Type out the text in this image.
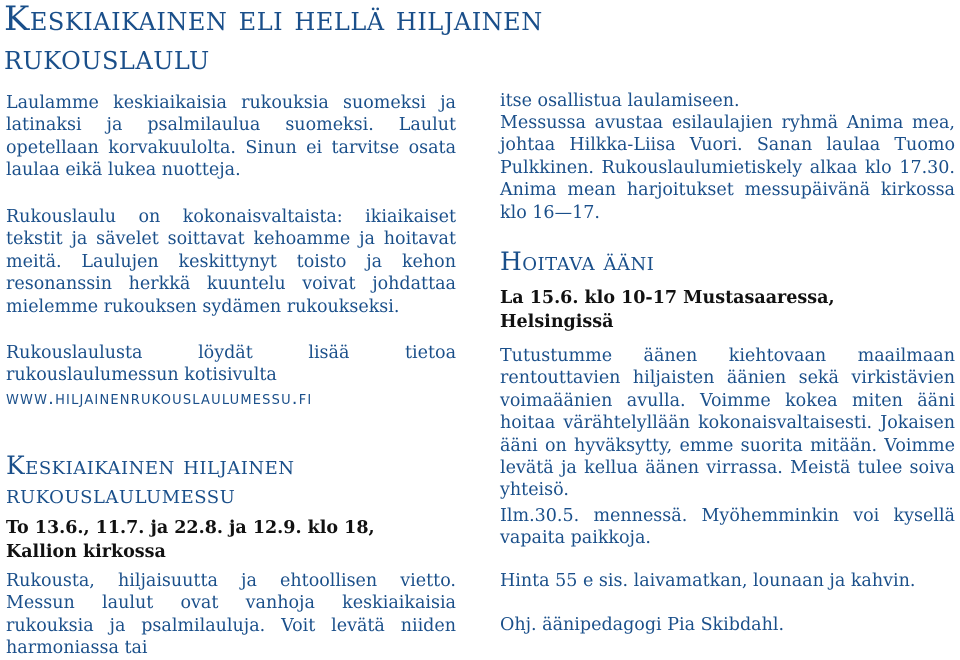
Keskiaikainen eli hellä hiljainen rukouslaulu

Laulamme keskiaikaisia rukouksia suomeksi ja latinaksi ja psalmilaulua suomeksi. Laulut opetellaan korvakuulolta. Sinun ei tarvitse osata laulaa eikä lukea nuotteja.

Rukouslaulu on kokonaisvaltaista: ikiaikaiset tekstit ja sävelet soittavat kehoamme ja hoitavat meitä. Laulujen keskittynyt toisto ja kehon resonanssin herkkä kuuntelu voivat johdattaa mielemme rukouksen sydämen rukoukseksi.

Rukouslaulusta löydät lisää tietoa rukouslaulumessun kotisivulta

www.hiljainenrukouslaulumessu.fi

Keskiaikainen hiljainen rukouslaulumessu

To 13.6., 11.7. ja 22.8. ja 12.9. klo 18, Kallion kirkossa

Rukousta, hiljaisuutta ja ehtoollisen vietto. Messun laulut ovat vanhoja keskiaikaisia rukouksia ja psalmilauluja. Voit levätä niiden harmoniassa tai

itse osallistua laulamiseen.

Messussa avustaa esilaulajien ryhmä Anima mea, johtaa Hilkka-Liisa Vuori. Sanan laulaa Tuomo Pulkkinen. Rukouslaulumietiskely alkaa klo 17.30. Anima mean harjoitukset messupäivänä kirkossa klo 16—17.

Hoitava ääni

La 15.6. klo 10-17 Mustasaaressa, Helsingissä

Tutustumme äänen kiehtovaan maailmaan rentouttavien hiljaisten äänien sekä virkistävien voimaäänien avulla. Voimme kokea miten ääni hoitaa värähtelyllään kokonaisvaltaisesti. Jokaisen ääni on hyväksytty, emme suorita mitään. Voimme levätä ja kellua äänen virrassa. Meistä tulee soiva yhteisö.

Ilm.30.5. mennessä. Myöhemminkin voi kysellä vapaita paikkoja.

Hinta 55 e sis. laivamatkan, lounaan ja kahvin.

Ohj. äänipedagogi Pia Skibdahl.
